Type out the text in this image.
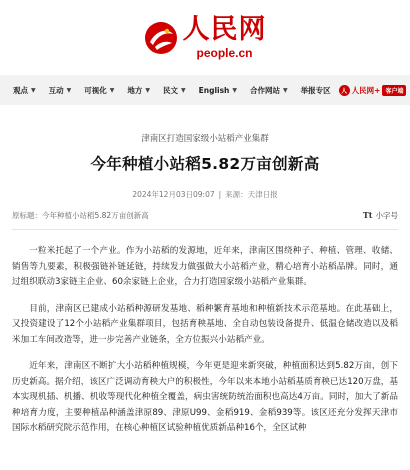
人民网
people.cn
观点 ▼ 互动 ▼ 可视化 ▼ 地方 ▼ 民文 ▼ English ▼ 合作网站 ▼ 举报专区	人 人民网+ 客户端
津南区打造国家级小站稻产业集群
今年种植小站稻5.82万亩创新高
2024年12月03日09:07 | 来源：天津日报
原标题：今年种植小站稻5.82万亩创新高	Tt 小字号

一粒米托起了一个产业。作为小站稻的发源地，近年来，津南区围绕种子、种植、管理、收储、销售等九要素，积极强链补链延链，持续发力做强做大小站稻产业，精心培育小站稻品牌。同时，通过组织联动3家链主企业、60余家链上企业，合力打造国家级小站稻产业集群。

目前，津南区已建成小站稻种源研发基地、稻种繁育基地和种植新技术示范基地。在此基础上，又投资建设了12个小站稻产业集群项目，包括育秧基地、全自动包装设备提升、低温仓储改造以及稻米加工车间改造等，进一步完善产业链条，全方位振兴小站稻产业。

近年来，津南区不断扩大小站稻种植规模，今年更是迎来新突破，种植面积达到5.82万亩，创下历史新高。据介绍，该区广泛调动育秧大户的积极性，今年以来本地小站稻基质育秧已达120万盘，基本实现机插、机播、机收等现代化种植全覆盖，病虫害统防统治面积也高达4万亩。同时，加大了新品种培育力度，主要种植品种涵盖津原89、津原U99、金稻919、金稻939等。该区还充分发挥天津市国际水稻研究院示范作用，在核心种植区试验种植优质新品种16个，全区试种
